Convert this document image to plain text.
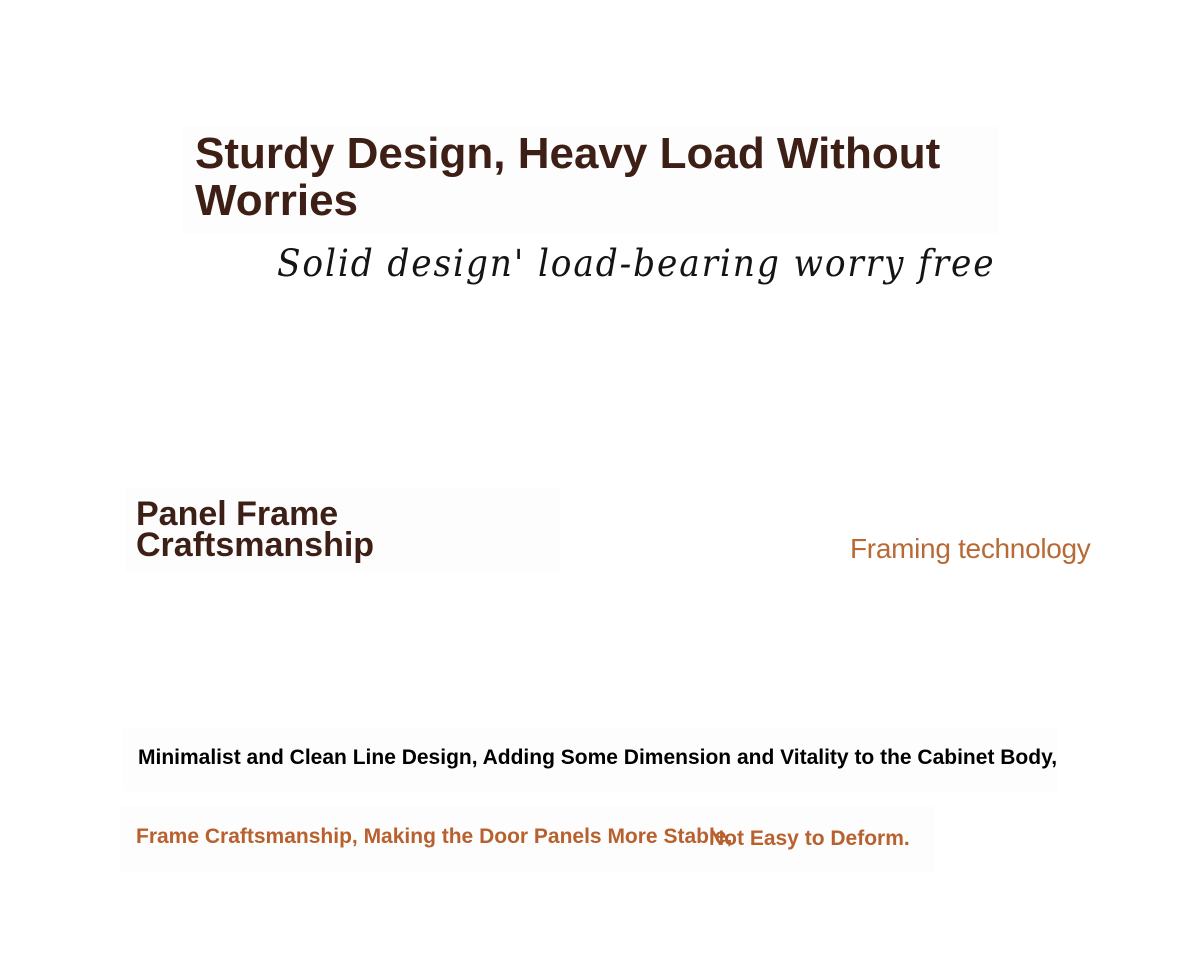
Sturdy Design, Heavy Load Without Worries

Solid design' load-bearing worry free

Panel Frame
Craftsmanship	Framing technology

Minimalist and Clean Line Design, Adding Some Dimension and Vitality to the Cabinet Body,

Frame Craftsmanship, Making the Door Panels More Stable,

Not Easy to Deform.
